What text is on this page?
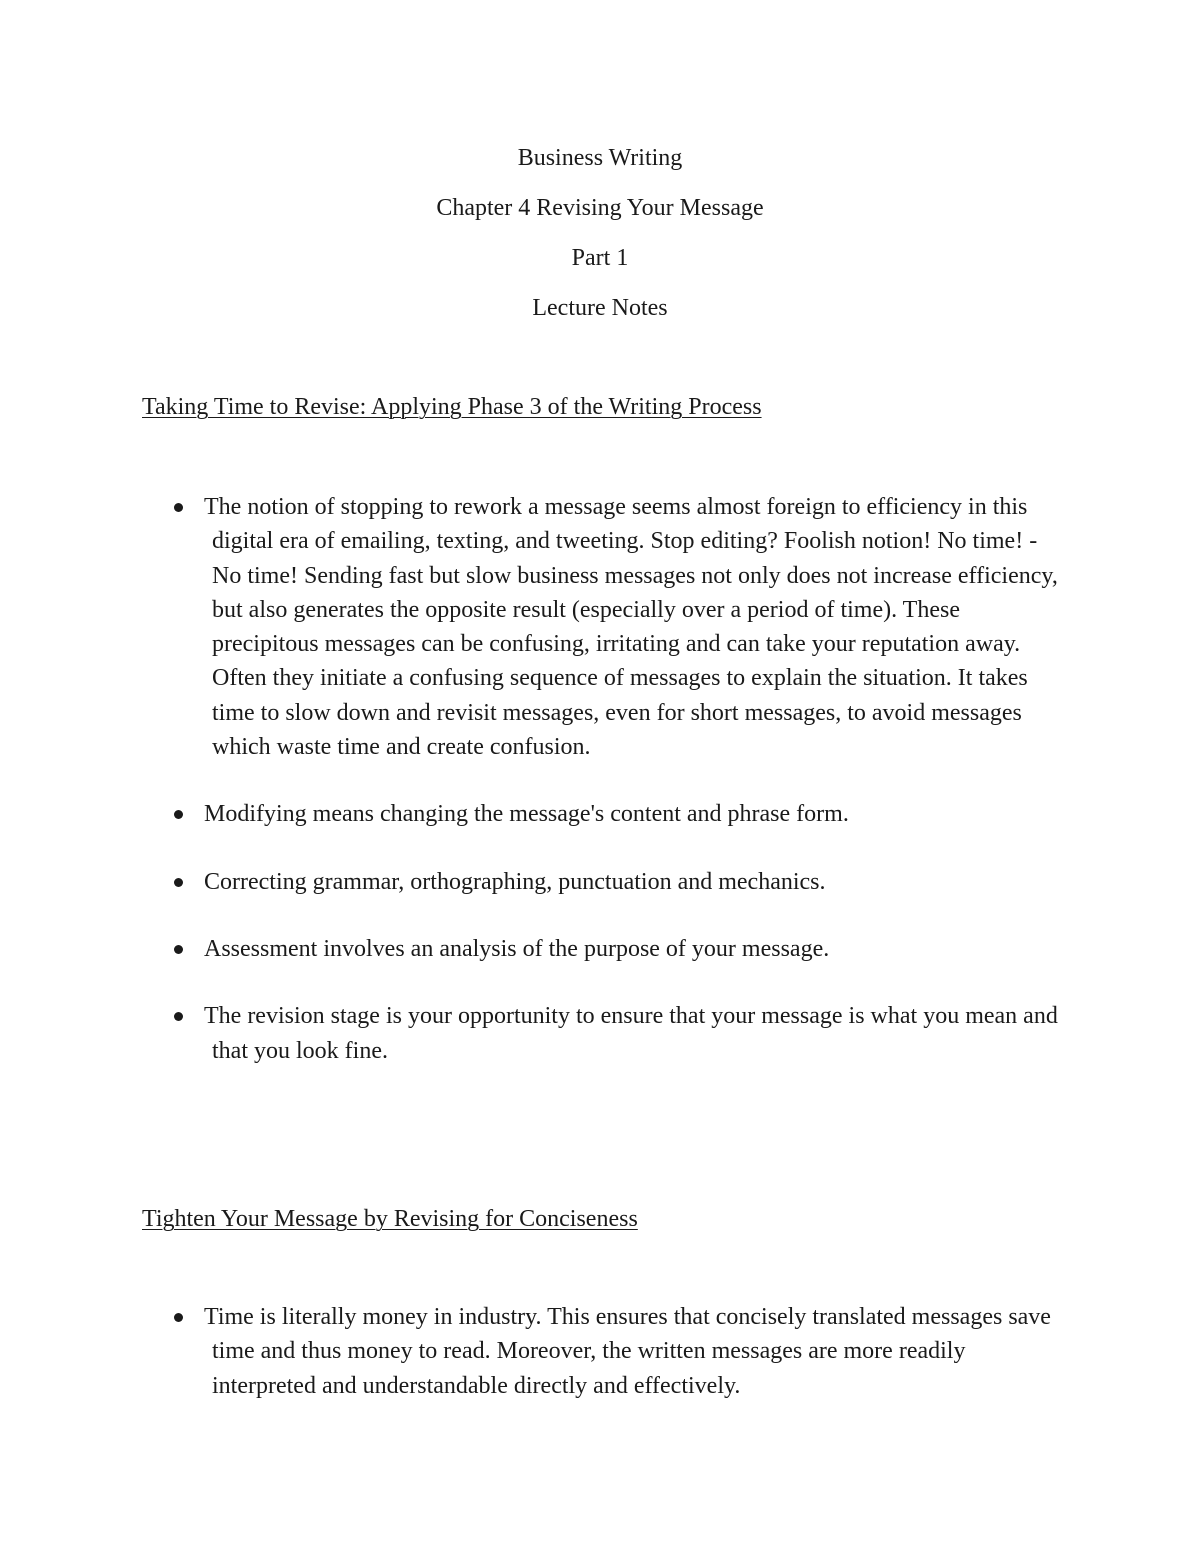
Business Writing
Chapter 4 Revising Your Message
Part 1
Lecture Notes
Taking Time to Revise: Applying Phase 3 of the Writing Process
The notion of stopping to rework a message seems almost foreign to efficiency in this digital era of emailing, texting, and tweeting. Stop editing? Foolish notion! No time! - No time! Sending fast but slow business messages not only does not increase efficiency, but also generates the opposite result (especially over a period of time). These precipitous messages can be confusing, irritating and can take your reputation away. Often they initiate a confusing sequence of messages to explain the situation. It takes time to slow down and revisit messages, even for short messages, to avoid messages which waste time and create confusion.
Modifying means changing the message's content and phrase form.
Correcting grammar, orthographing, punctuation and mechanics.
Assessment involves an analysis of the purpose of your message.
The revision stage is your opportunity to ensure that your message is what you mean and that you look fine.
Tighten Your Message by Revising for Conciseness
Time is literally money in industry. This ensures that concisely translated messages save time and thus money to read. Moreover, the written messages are more readily interpreted and understandable directly and effectively.
